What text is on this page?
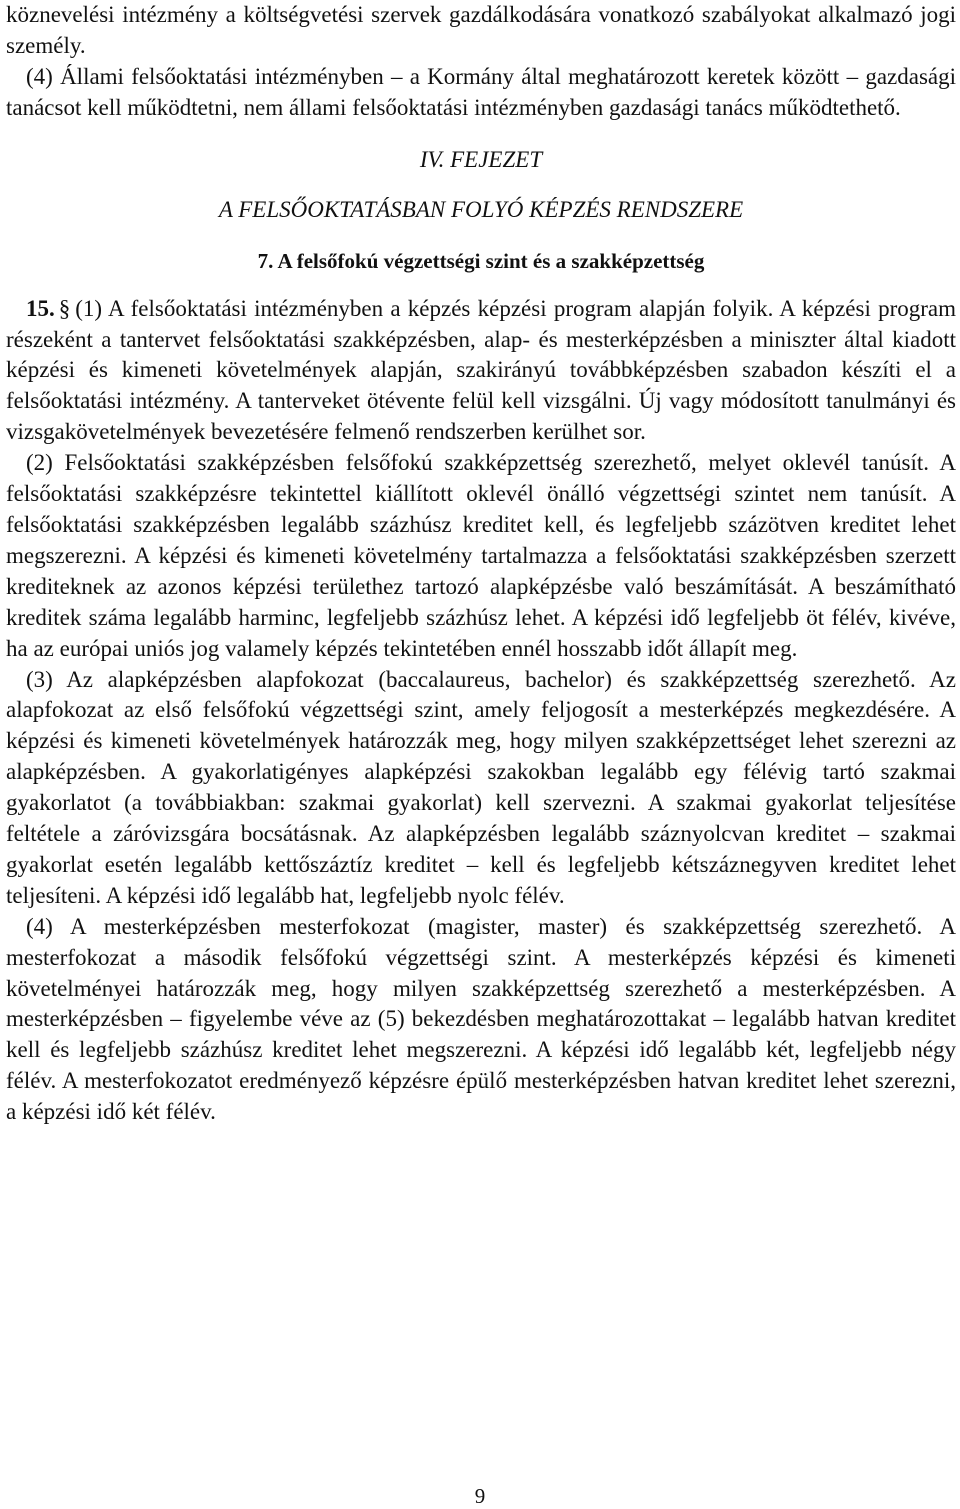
köznevelési intézmény a költségvetési szervek gazdálkodására vonatkozó szabályokat alkalmazó jogi személy.

(4) Állami felsőoktatási intézményben – a Kormány által meghatározott keretek között – gazdasági tanácsot kell működtetni, nem állami felsőoktatási intézményben gazdasági tanács működtethető.

IV. FEJEZET

A FELSŐOKTATÁSBAN FOLYÓ KÉPZÉS RENDSZERE

7. A felsőfokú végzettségi szint és a szakképzettség

15. § (1) A felsőoktatási intézményben a képzés képzési program alapján folyik. A képzési program részeként a tantervet felsőoktatási szakképzésben, alap- és mesterképzésben a miniszter által kiadott képzési és kimeneti követelmények alapján, szakirányú továbbképzésben szabadon készíti el a felsőoktatási intézmény. A tanterveket ötévente felül kell vizsgálni. Új vagy módosított tanulmányi és vizsgakövetelmények bevezetésére felmenő rendszerben kerülhet sor.

(2) Felsőoktatási szakképzésben felsőfokú szakképzettség szerezhető, melyet oklevél tanúsít. A felsőoktatási szakképzésre tekintettel kiállított oklevél önálló végzettségi szintet nem tanúsít. A felsőoktatási szakképzésben legalább százhúsz kreditet kell, és legfeljebb százötven kreditet lehet megszerezni. A képzési és kimeneti követelmény tartalmazza a felsőoktatási szakképzésben szerzett krediteknek az azonos képzési területhez tartozó alapképzésbe való beszámítását. A beszámítható kreditek száma legalább harminc, legfeljebb százhúsz lehet. A képzési idő legfeljebb öt félév, kivéve, ha az európai uniós jog valamely képzés tekintetében ennél hosszabb időt állapít meg.

(3) Az alapképzésben alapfokozat (baccalaureus, bachelor) és szakképzettség szerezhető. Az alapfokozat az első felsőfokú végzettségi szint, amely feljogosít a mesterképzés megkezdésére. A képzési és kimeneti követelmények határozzák meg, hogy milyen szakképzettséget lehet szerezni az alapképzésben. A gyakorlatigényes alapképzési szakokban legalább egy félévig tartó szakmai gyakorlatot (a továbbiakban: szakmai gyakorlat) kell szervezni. A szakmai gyakorlat teljesítése feltétele a záróvizsgára bocsátásnak. Az alapképzésben legalább száznyolcvan kreditet – szakmai gyakorlat esetén legalább kettőszáztíz kreditet – kell és legfeljebb kétszáznegyven kreditet lehet teljesíteni. A képzési idő legalább hat, legfeljebb nyolc félév.

(4) A mesterképzésben mesterfokozat (magister, master) és szakképzettség szerezhető. A mesterfokozat a második felsőfokú végzettségi szint. A mesterképzés képzési és kimeneti követelményei határozzák meg, hogy milyen szakképzettség szerezhető a mesterképzésben. A mesterképzésben – figyelembe véve az (5) bekezdésben meghatározottakat – legalább hatvan kreditet kell és legfeljebb százhúsz kreditet lehet megszerezni. A képzési idő legalább két, legfeljebb négy félév. A mesterfokozatot eredményező képzésre épülő mesterképzésben hatvan kreditet lehet szerezni, a képzési idő két félév.

9
